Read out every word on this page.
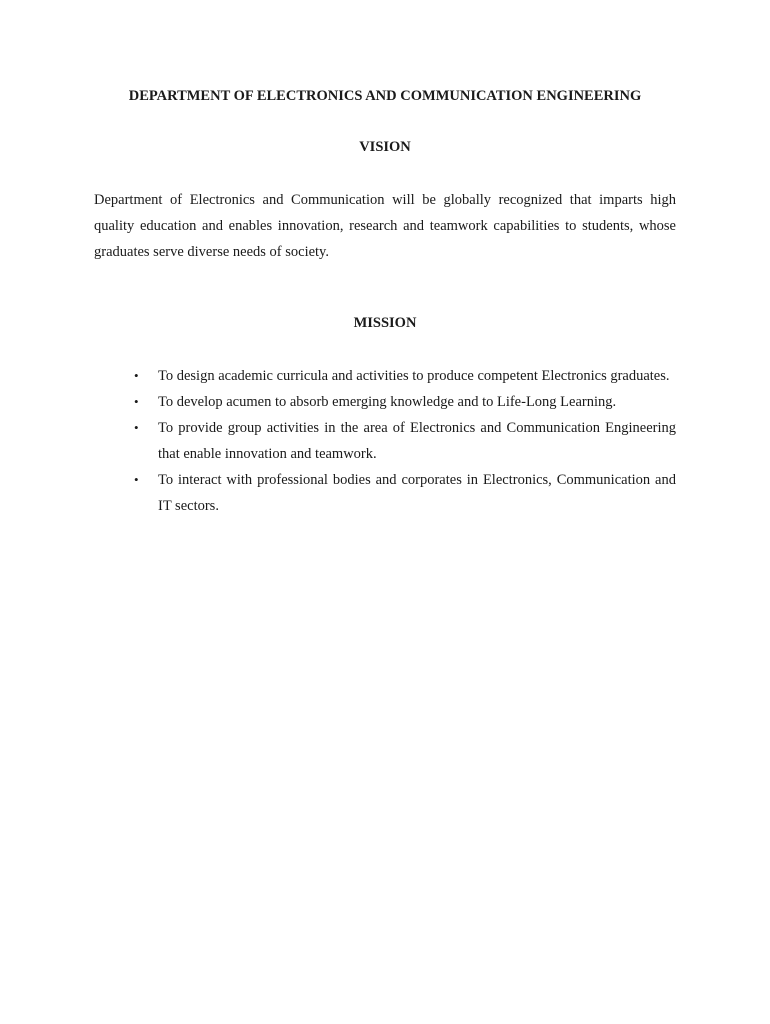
DEPARTMENT OF ELECTRONICS AND COMMUNICATION ENGINEERING
VISION

Department of Electronics and Communication will be globally recognized that imparts high quality education and enables innovation, research and teamwork capabilities to students, whose graduates serve diverse needs of society.

MISSION
• To design academic curricula and activities to produce competent Electronics graduates.
• To develop acumen to absorb emerging knowledge and to Life-Long Learning.
• To provide group activities in the area of Electronics and Communication Engineering that enable innovation and teamwork.
• To interact with professional bodies and corporates in Electronics, Communication and IT sectors.
